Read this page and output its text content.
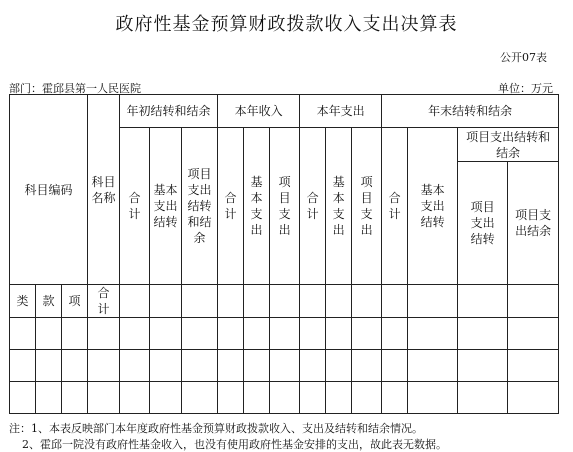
政府性基金预算财政拨款收入支出决算表
公开07表
部门：霍邱县第一人民医院	单位：万元
科目编码			科目名称	年初结转和结余			本年收入			本年支出			年末结转和结余			
				合计	基本支出结转	项目支出结转和结余	合计	基本支出	项目支出	合计	基本支出	项目支出	合计	基本支出结转	项目支出结转和结余	
															项目支出结转	项目支出结余
类	款	项	合计													

注：1、本表反映部门本年度政府性基金预算财政拨款收入、支出及结转和结余情况。
2、霍邱一院没有政府性基金收入，也没有使用政府性基金安排的支出，故此表无数据。
